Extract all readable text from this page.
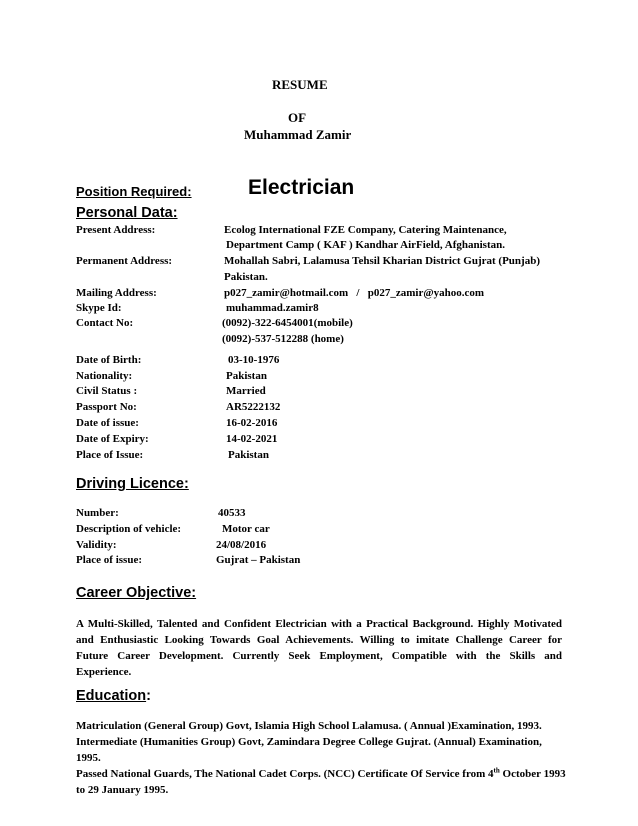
RESUME
OF
Muhammad Zamir
Position Required:	Electrician
Personal Data:
Present Address:	Ecolog International FZE Company, Catering Maintenance,
Department Camp ( KAF ) Kandhar AirField, Afghanistan.
Permanent Address:	Mohallah Sabri, Lalamusa Tehsil Kharian District Gujrat (Punjab)
Pakistan.
Mailing Address:	p027_zamir@hotmail.com   /   p027_zamir@yahoo.com
Skype Id:	muhammad.zamir8
Contact No:	(0092)-322-6454001(mobile)
(0092)-537-512288 (home)
Date of Birth:	03-10-1976
Nationality:	Pakistan
Civil Status :	Married
Passport No:	AR5222132
Date of issue:	16-02-2016
Date of Expiry:	14-02-2021
Place of Issue:	Pakistan
Driving Licence:
Number:	40533
Description of vehicle:	Motor car
Validity:	24/08/2016
Place of issue:	Gujrat – Pakistan
Career Objective:
A Multi-Skilled, Talented and Confident Electrician with a Practical Background. Highly Motivated and Enthusiastic Looking Towards Goal Achievements. Willing to imitate Challenge Career for Future Career Development. Currently Seek Employment, Compatible with the Skills and Experience.
Education:
Matriculation (General Group) Govt, Islamia High School Lalamusa. ( Annual )Examination, 1993.
Intermediate (Humanities Group) Govt, Zamindara Degree College Gujrat. (Annual) Examination, 1995.
Passed National Guards, The National Cadet Corps. (NCC) Certificate Of Service from 4th October 1993 to 29 January 1995.
